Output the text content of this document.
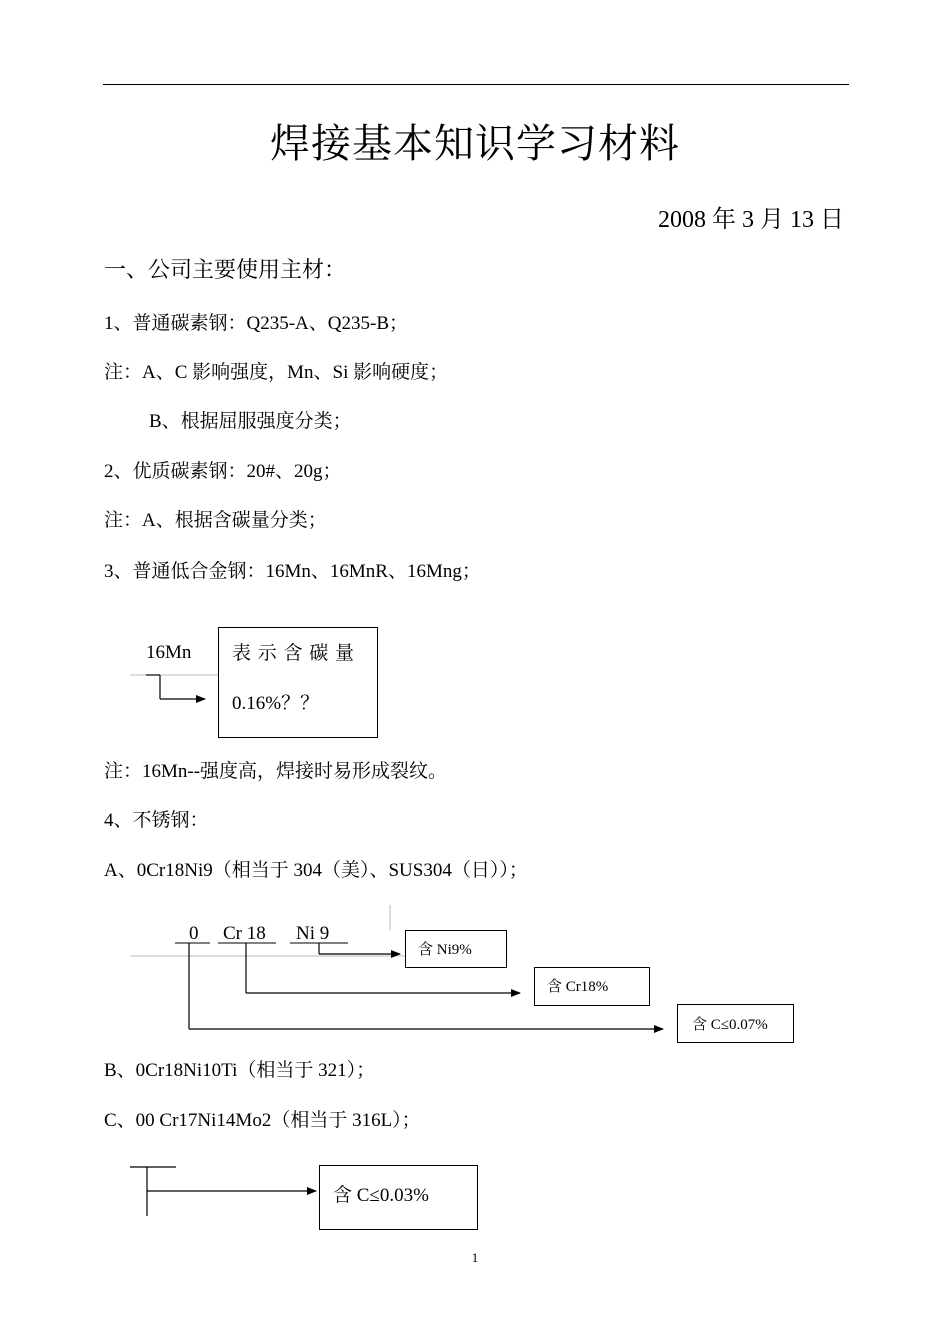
焊接基本知识学习材料
2008 年 3 月 13 日
一、公司主要使用主材：
1、普通碳素钢：Q235-A、Q235-B；
注：A、C 影响强度，Mn、Si 影响硬度；
B、根据屈服强度分类；
2、优质碳素钢：20#、20g；
注：A、根据含碳量分类；
3、普通低合金钢：16Mn、16MnR、16Mng；
16Mn 表 示 含 碳 量
0.16%？？
注：16Mn--强度高，焊接时易形成裂纹。
4、不锈钢：
A、0Cr18Ni9（相当于 304（美）、SUS304（日））；
0 Cr 18 Ni 9
含 Ni9%
含 Cr18%
含 C≤0.07%
B、0Cr18Ni10Ti（相当于 321）；
C、00 Cr17Ni14Mo2（相当于 316L）；
含 C≤0.03%
1
